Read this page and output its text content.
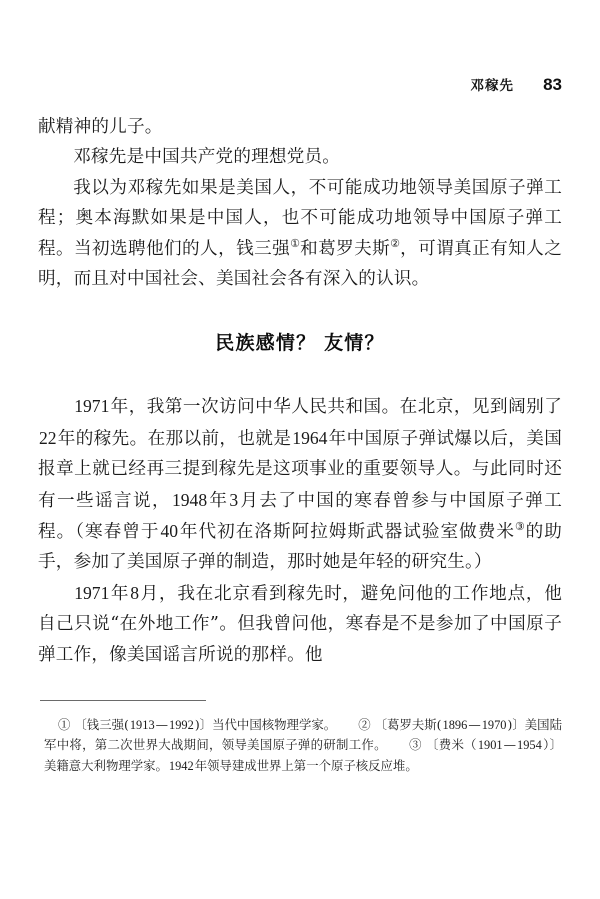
邓稼先	83

献精神的儿子。

邓稼先是中国共产党的理想党员。

我以为邓稼先如果是美国人，不可能成功地领导美国原子弹工程；奥本海默如果是中国人，也不可能成功地领导中国原子弹工程。当初选聘他们的人，钱三强①和葛罗夫斯②，可谓真正有知人之明，而且对中国社会、美国社会各有深入的认识。

民族感情？ 友情？

1971年，我第一次访问中华人民共和国。在北京，见到阔别了22年的稼先。在那以前，也就是1964年中国原子弹试爆以后，美国报章上就已经再三提到稼先是这项事业的重要领导人。与此同时还有一些谣言说，1948年3月去了中国的寒春曾参与中国原子弹工程。（寒春曾于40年代初在洛斯阿拉姆斯武器试验室做费米③的助手，参加了美国原子弹的制造，那时她是年轻的研究生。）

1971年8月，我在北京看到稼先时，避免问他的工作地点，他自己只说“在外地工作”。但我曾问他，寒春是不是参加了中国原子弹工作，像美国谣言所说的那样。他

① 〔钱三强(1913—1992)〕当代中国核物理学家。 ② 〔葛罗夫斯(1896—1970)〕美国陆军中将，第二次世界大战期间，领导美国原子弹的研制工作。 ③ 〔费米（1901—1954）〕美籍意大利物理学家。1942年领导建成世界上第一个原子核反应堆。
